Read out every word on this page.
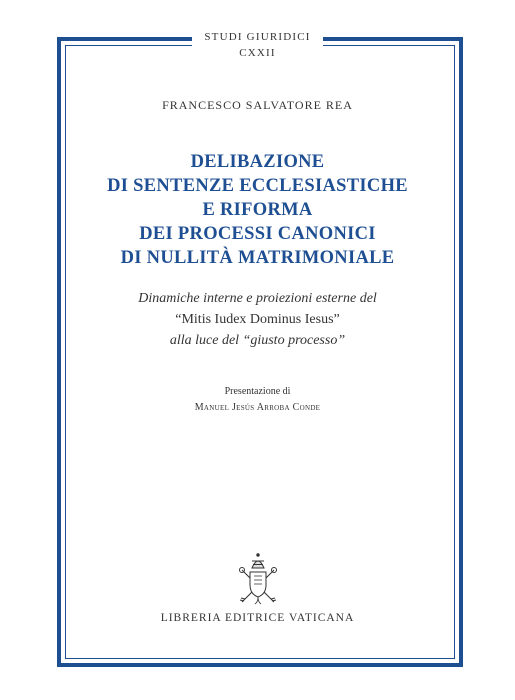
STUDI GIURIDICI
CXXII
FRANCESCO SALVATORE REA
DELIBAZIONE
DI SENTENZE ECCLESIASTICHE
E RIFORMA
DEI PROCESSI CANONICI
DI NULLITÀ MATRIMONIALE
Dinamiche interne e proiezioni esterne del
“Mitis Iudex Dominus Iesus”
alla luce del “giusto processo”
Presentazione di
Manuel Jesús Arroba Conde
LIBRERIA EDITRICE VATICANA
